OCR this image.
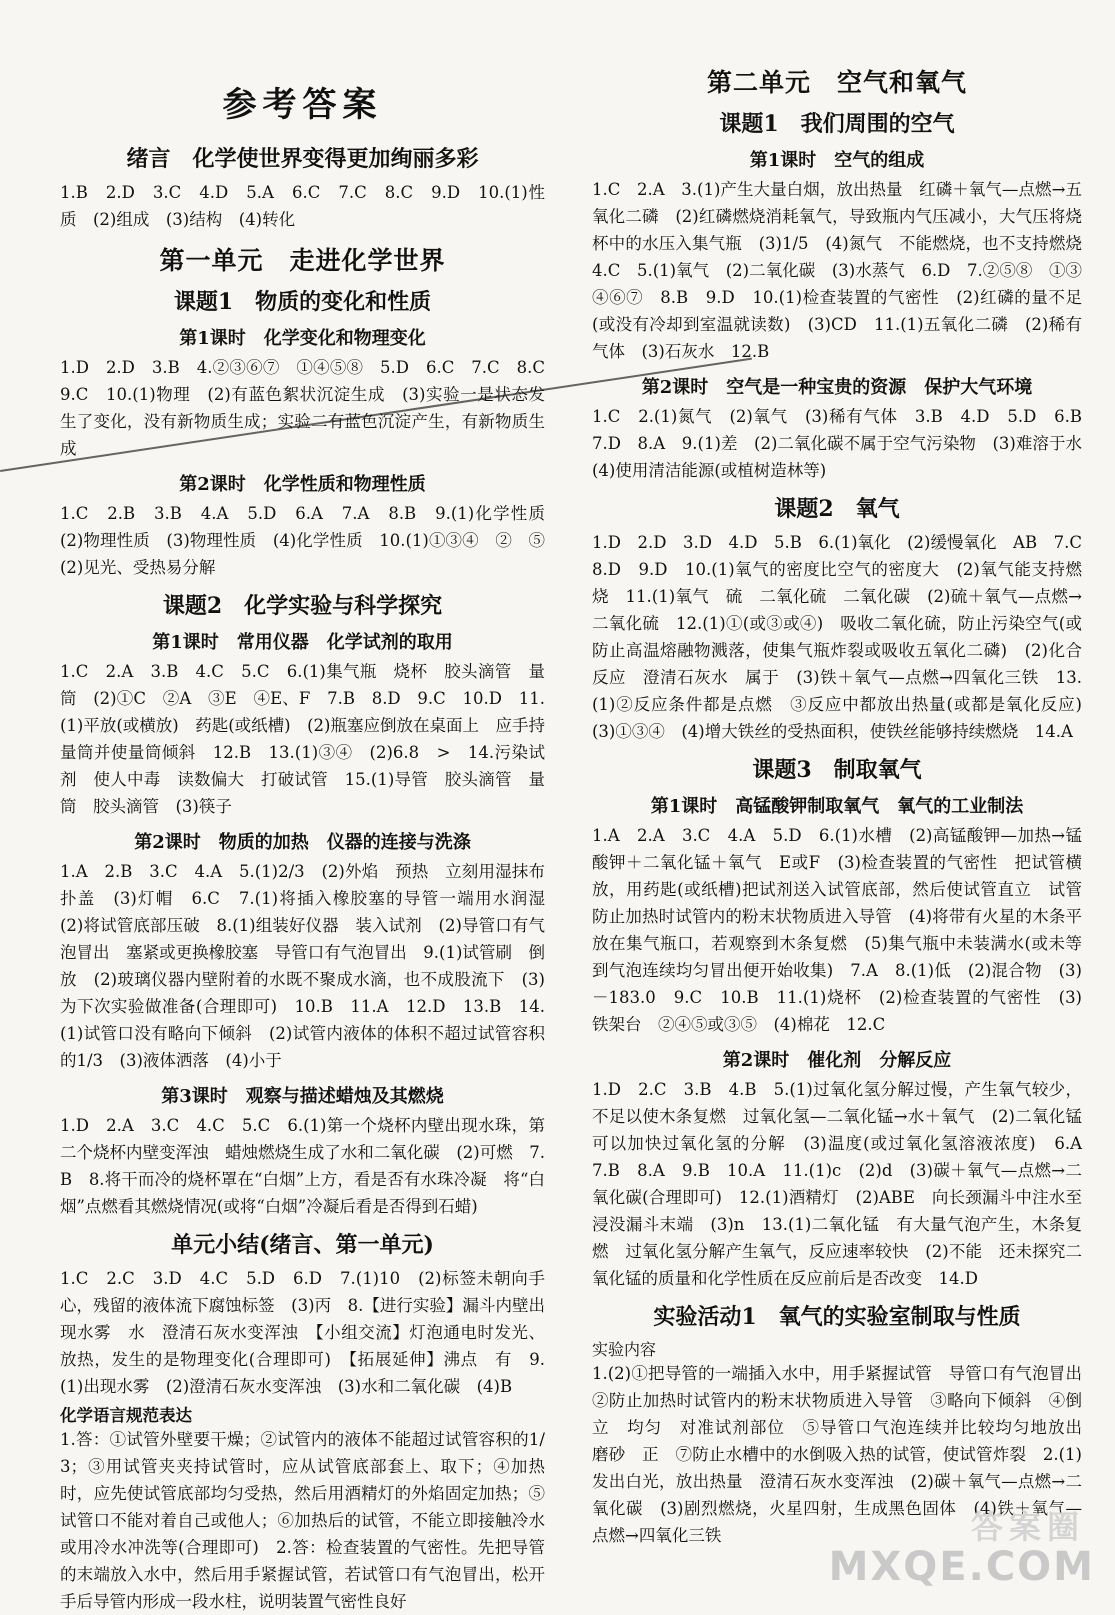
参考答案
绪言　化学使世界变得更加绚丽多彩

1.B　2.D　3.C　4.D　5.A　6.C　7.C　8.C　9.D　10.(1)性质　(2)组成　(3)结构　(4)转化

第一单元　走进化学世界
课题1　物质的变化和性质
第1课时　化学变化和物理变化

1.D　2.D　3.B　4.②③⑥⑦　①④⑤⑧　5.D　6.C　7.C　8.C　9.C　10.(1)物理　(2)有蓝色絮状沉淀生成　(3)实验一是状态发生了变化，没有新物质生成；实验二有蓝色沉淀产生，有新物质生成

第2课时　化学性质和物理性质

1.C　2.B　3.B　4.A　5.D　6.A　7.A　8.B　9.(1)化学性质　(2)物理性质　(3)物理性质　(4)化学性质　10.(1)①③④　②　⑤　(2)见光、受热易分解

课题2　化学实验与科学探究
第1课时　常用仪器　化学试剂的取用

1.C　2.A　3.B　4.C　5.C　6.(1)集气瓶　烧杯　胶头滴管　量筒　(2)①C　②A　③E　④E、F　7.B　8.D　9.C　10.D　11.(1)平放(或横放)　药匙(或纸槽)　(2)瓶塞应倒放在桌面上　应手持量筒并使量筒倾斜　12.B　13.(1)③④　(2)6.8　>　14.污染试剂　使人中毒　读数偏大　打破试管　15.(1)导管　胶头滴管　量筒　胶头滴管　(3)筷子

第2课时　物质的加热　仪器的连接与洗涤

1.A　2.B　3.C　4.A　5.(1)2/3　(2)外焰　预热　立刻用湿抹布扑盖　(3)灯帽　6.C　7.(1)将插入橡胶塞的导管一端用水润湿　(2)将试管底部压破　8.(1)组装好仪器　装入试剂　(2)导管口有气泡冒出　塞紧或更换橡胶塞　导管口有气泡冒出　9.(1)试管刷　倒放　(2)玻璃仪器内壁附着的水既不聚成水滴，也不成股流下　(3)为下次实验做准备(合理即可)　10.B　11.A　12.D　13.B　14.(1)试管口没有略向下倾斜　(2)试管内液体的体积不超过试管容积的1/3　(3)液体洒落　(4)小于

第3课时　观察与描述蜡烛及其燃烧

1.D　2.A　3.C　4.C　5.C　6.(1)第一个烧杯内壁出现水珠，第二个烧杯内壁变浑浊　蜡烛燃烧生成了水和二氧化碳　(2)可燃　7.B　8.将干而冷的烧杯罩在“白烟”上方，看是否有水珠冷凝　将“白烟”点燃看其燃烧情况(或将“白烟”冷凝后看是否得到石蜡)

单元小结(绪言、第一单元)

1.C　2.C　3.D　4.C　5.D　6.D　7.(1)10　(2)标签未朝向手心，残留的液体流下腐蚀标签　(3)丙　8.【进行实验】漏斗内壁出现水雾　水　澄清石灰水变浑浊　【小组交流】灯泡通电时发光、放热，发生的是物理变化(合理即可)　【拓展延伸】沸点　有　9.(1)出现水雾　(2)澄清石灰水变浑浊　(3)水和二氧化碳　(4)B

化学语言规范表达

1.答：①试管外壁要干燥；②试管内的液体不能超过试管容积的1/3；③用试管夹夹持试管时，应从试管底部套上、取下；④加热时，应先使试管底部均匀受热，然后用酒精灯的外焰固定加热；⑤试管口不能对着自己或他人；⑥加热后的试管，不能立即接触冷水或用冷水冲洗等(合理即可)　2.答：检查装置的气密性。先把导管的末端放入水中，然后用手紧握试管，若试管口有气泡冒出，松开手后导管内形成一段水柱，说明装置气密性良好

第二单元　空气和氧气
课题1　我们周围的空气
第1课时　空气的组成

1.C　2.A　3.(1)产生大量白烟，放出热量　红磷＋氧气—点燃→五氧化二磷　(2)红磷燃烧消耗氧气，导致瓶内气压减小，大气压将烧杯中的水压入集气瓶　(3)1/5　(4)氮气　不能燃烧，也不支持燃烧　4.C　5.(1)氧气　(2)二氧化碳　(3)水蒸气　6.D　7.②⑤⑧　①③④⑥⑦　8.B　9.D　10.(1)检查装置的气密性　(2)红磷的量不足(或没有冷却到室温就读数)　(3)CD　11.(1)五氧化二磷　(2)稀有气体　(3)石灰水　12.B

第2课时　空气是一种宝贵的资源　保护大气环境

1.C　2.(1)氮气　(2)氧气　(3)稀有气体　3.B　4.D　5.D　6.B　7.D　8.A　9.(1)差　(2)二氧化碳不属于空气污染物　(3)难溶于水　(4)使用清洁能源(或植树造林等)

课题2　氧气

1.D　2.D　3.D　4.D　5.B　6.(1)氧化　(2)缓慢氧化　AB　7.C　8.D　9.D　10.(1)氧气的密度比空气的密度大　(2)氧气能支持燃烧　11.(1)氧气　硫　二氧化硫　二氧化碳　(2)硫＋氧气—点燃→二氧化硫　12.(1)①(或③或④)　吸收二氧化硫，防止污染空气(或防止高温熔融物溅落，使集气瓶炸裂或吸收五氧化二磷)　(2)化合反应　澄清石灰水　属于　(3)铁＋氧气—点燃→四氧化三铁　13.(1)②反应条件都是点燃　③反应中都放出热量(或都是氧化反应)　(3)①③④　(4)增大铁丝的受热面积，使铁丝能够持续燃烧　14.A

课题3　制取氧气
第1课时　高锰酸钾制取氧气　氧气的工业制法

1.A　2.A　3.C　4.A　5.D　6.(1)水槽　(2)高锰酸钾—加热→锰酸钾＋二氧化锰＋氧气　E或F　(3)检查装置的气密性　把试管横放，用药匙(或纸槽)把试剂送入试管底部，然后使试管直立　试管　防止加热时试管内的粉末状物质进入导管　(4)将带有火星的木条平放在集气瓶口，若观察到木条复燃　(5)集气瓶中未装满水(或未等到气泡连续均匀冒出便开始收集)　7.A　8.(1)低　(2)混合物　(3)－183.0　9.C　10.B　11.(1)烧杯　(2)检查装置的气密性　(3)铁架台　②④⑤或③⑤　(4)棉花　12.C

第2课时　催化剂　分解反应

1.D　2.C　3.B　4.B　5.(1)过氧化氢分解过慢，产生氧气较少，不足以使木条复燃　过氧化氢—二氧化锰→水＋氧气　(2)二氧化锰可以加快过氧化氢的分解　(3)温度(或过氧化氢溶液浓度)　6.A　7.B　8.A　9.B　10.A　11.(1)c　(2)d　(3)碳＋氧气—点燃→二氧化碳(合理即可)　12.(1)酒精灯　(2)ABE　向长颈漏斗中注水至浸没漏斗末端　(3)n　13.(1)二氧化锰　有大量气泡产生，木条复燃　过氧化氢分解产生氧气，反应速率较快　(2)不能　还未探究二氧化锰的质量和化学性质在反应前后是否改变　14.D

实验活动1　氧气的实验室制取与性质
实验内容

1.(2)①把导管的一端插入水中，用手紧握试管　导管口有气泡冒出　②防止加热时试管内的粉末状物质进入导管　③略向下倾斜　④倒立　均匀　对准试剂部位　⑤导管口气泡连续并比较均匀地放出　磨砂　正　⑦防止水槽中的水倒吸入热的试管，使试管炸裂　2.(1)发出白光，放出热量　澄清石灰水变浑浊　(2)碳＋氧气—点燃→二氧化碳　(3)剧烈燃烧，火星四射，生成黑色固体　(4)铁＋氧气—点燃→四氧化三铁	答案圈
MXQE.COM
